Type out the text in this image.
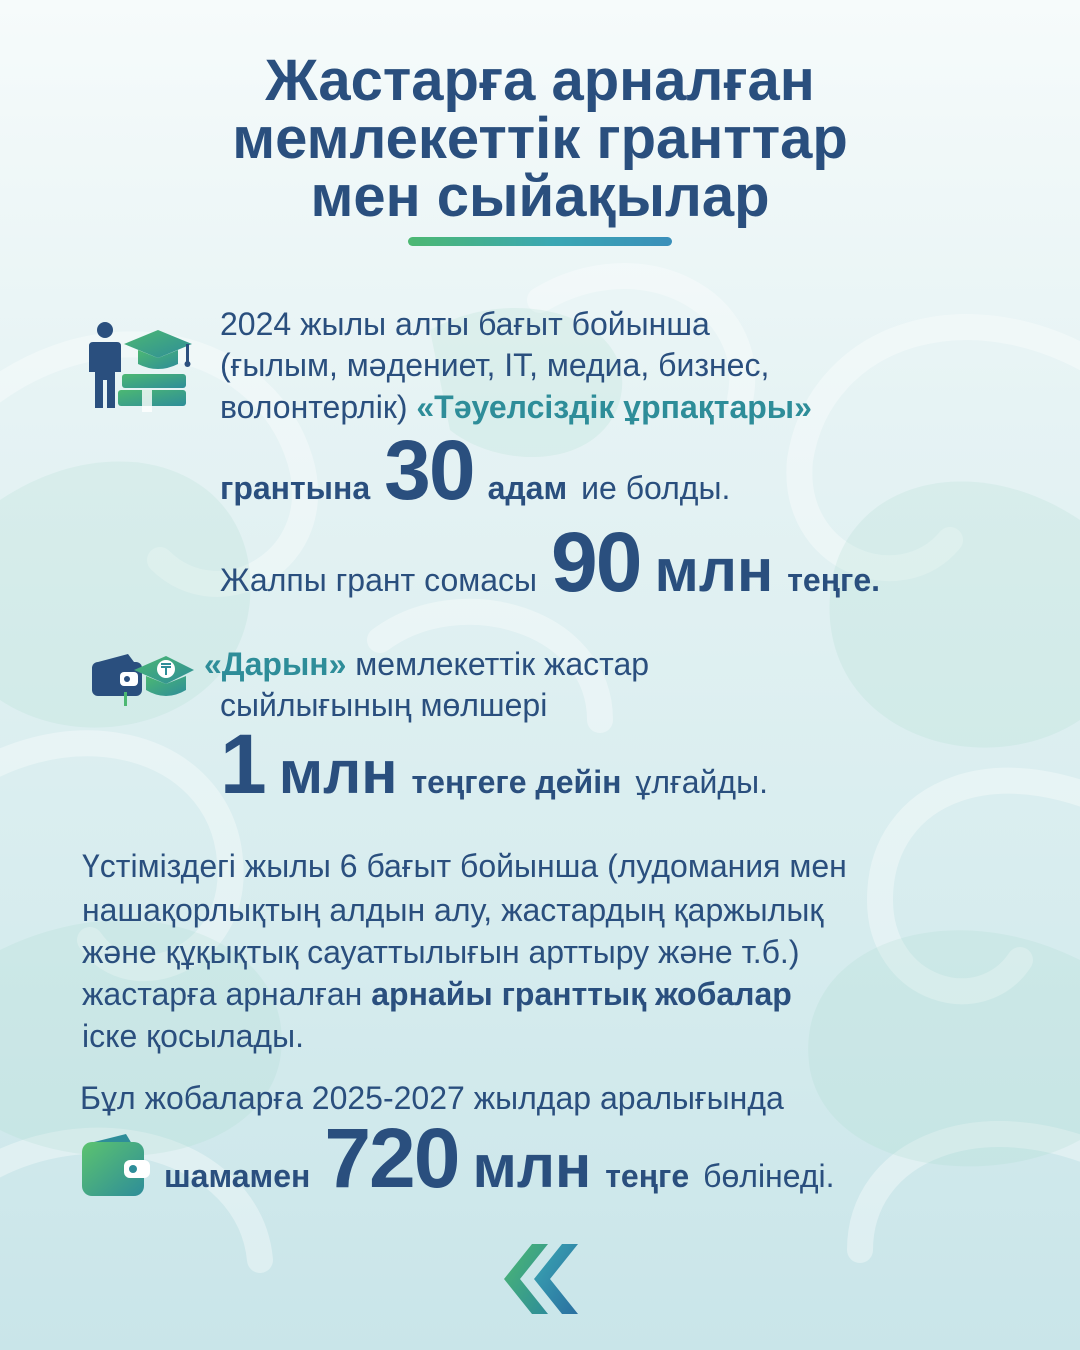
Жастарға арналған
мемлекеттік гранттар
мен сыйақылар
2024 жылы алты бағыт бойынша
(ғылым, мәдениет, IT, медиа, бизнес,
волонтерлік) «Тәуелсіздік ұрпақтары»
грантына 30 адам ие болды.
Жалпы грант сомасы 90 млн теңге.
«Дарын» мемлекеттік жастар
сыйлығының мөлшері
1 млн теңгеге дейін ұлғайды.
Үстіміздегі жылы 6 бағыт бойынша (лудомания мен
нашақорлықтың алдын алу, жастардың қаржылық
және құқықтық сауаттылығын арттыру және т.б.)
жастарға арналған арнайы гранттық жобалар
іске қосылады.
Бұл жобаларға 2025-2027 жылдар аралығында
шамамен 720 млн теңге бөлінеді.
